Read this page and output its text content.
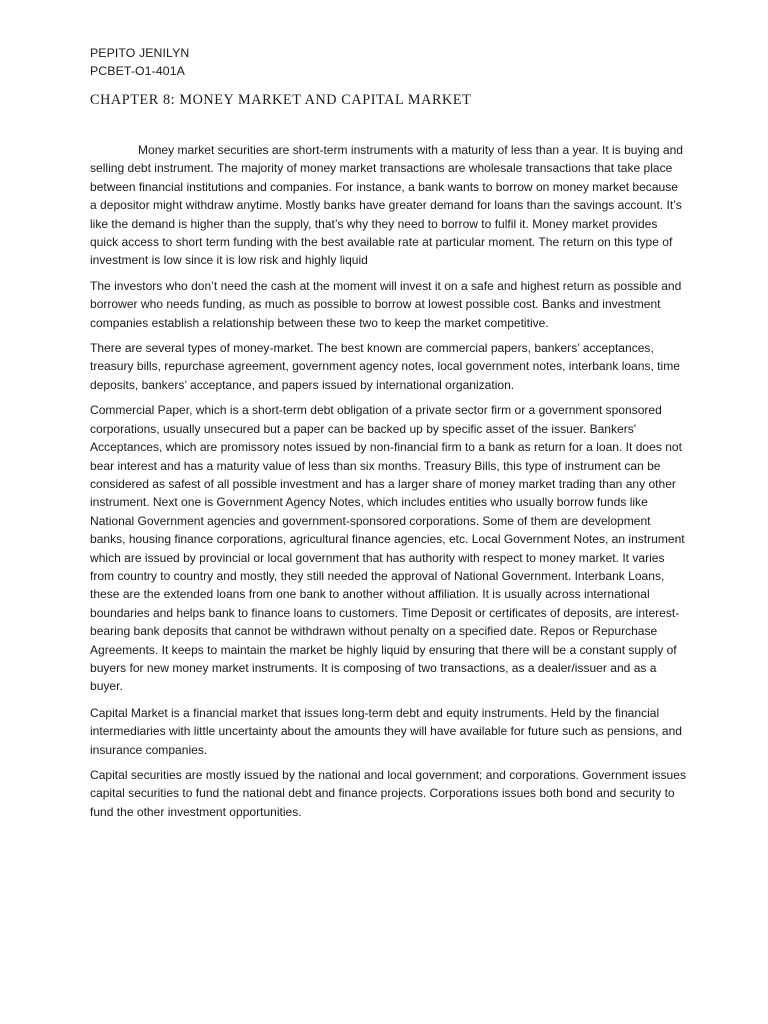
PEPITO JENILYN

PCBET-O1-401A

CHAPTER 8: MONEY MARKET AND CAPITAL MARKET

Money market securities are short-term instruments with a maturity of less than a year. It is buying and selling debt instrument. The majority of money market transactions are wholesale transactions that take place between financial institutions and companies. For instance, a bank wants to borrow on money market because a depositor might withdraw anytime. Mostly banks have greater demand for loans than the savings account. It’s like the demand is higher than the supply, that’s why they need to borrow to fulfil it. Money market provides quick access to short term funding with the best available rate at particular moment. The return on this type of investment is low since it is low risk and highly liquid

The investors who don’t need the cash at the moment will invest it on a safe and highest return as possible and borrower who needs funding, as much as possible to borrow at lowest possible cost. Banks and investment companies establish a relationship between these two to keep the market competitive.

There are several types of money-market. The best known are commercial papers, bankers’ acceptances, treasury bills, repurchase agreement, government agency notes, local government notes, interbank loans, time deposits, bankers’ acceptance, and papers issued by international organization.

Commercial Paper, which is a short-term debt obligation of a private sector firm or a government sponsored corporations, usually unsecured but a paper can be backed up by specific asset of the issuer. Bankers' Acceptances, which are promissory notes issued by non-financial firm to a bank as return for a loan. It does not bear interest and has a maturity value of less than six months. Treasury Bills, this type of instrument can be considered as safest of all possible investment and has a larger share of money market trading than any other instrument. Next one is Government Agency Notes, which includes entities who usually borrow funds like National Government agencies and government-sponsored corporations. Some of them are development banks, housing finance corporations, agricultural finance agencies, etc. Local Government Notes, an instrument which are issued by provincial or local government that has authority with respect to money market. It varies from country to country and mostly, they still needed the approval of National Government. Interbank Loans, these are the extended loans from one bank to another without affiliation. It is usually across international boundaries and helps bank to finance loans to customers. Time Deposit or certificates of deposits, are interest-bearing bank deposits that cannot be withdrawn without penalty on a specified date. Repos or Repurchase Agreements. It keeps to maintain the market be highly liquid by ensuring that there will be a constant supply of buyers for new money market instruments. It is composing of two transactions, as a dealer/issuer and as a buyer.

Capital Market is a financial market that issues long-term debt and equity instruments. Held by the financial intermediaries with little uncertainty about the amounts they will have available for future such as pensions, and insurance companies.

Capital securities are mostly issued by the national and local government; and corporations. Government issues capital securities to fund the national debt and finance projects. Corporations issues both bond and security to fund the other investment opportunities.
